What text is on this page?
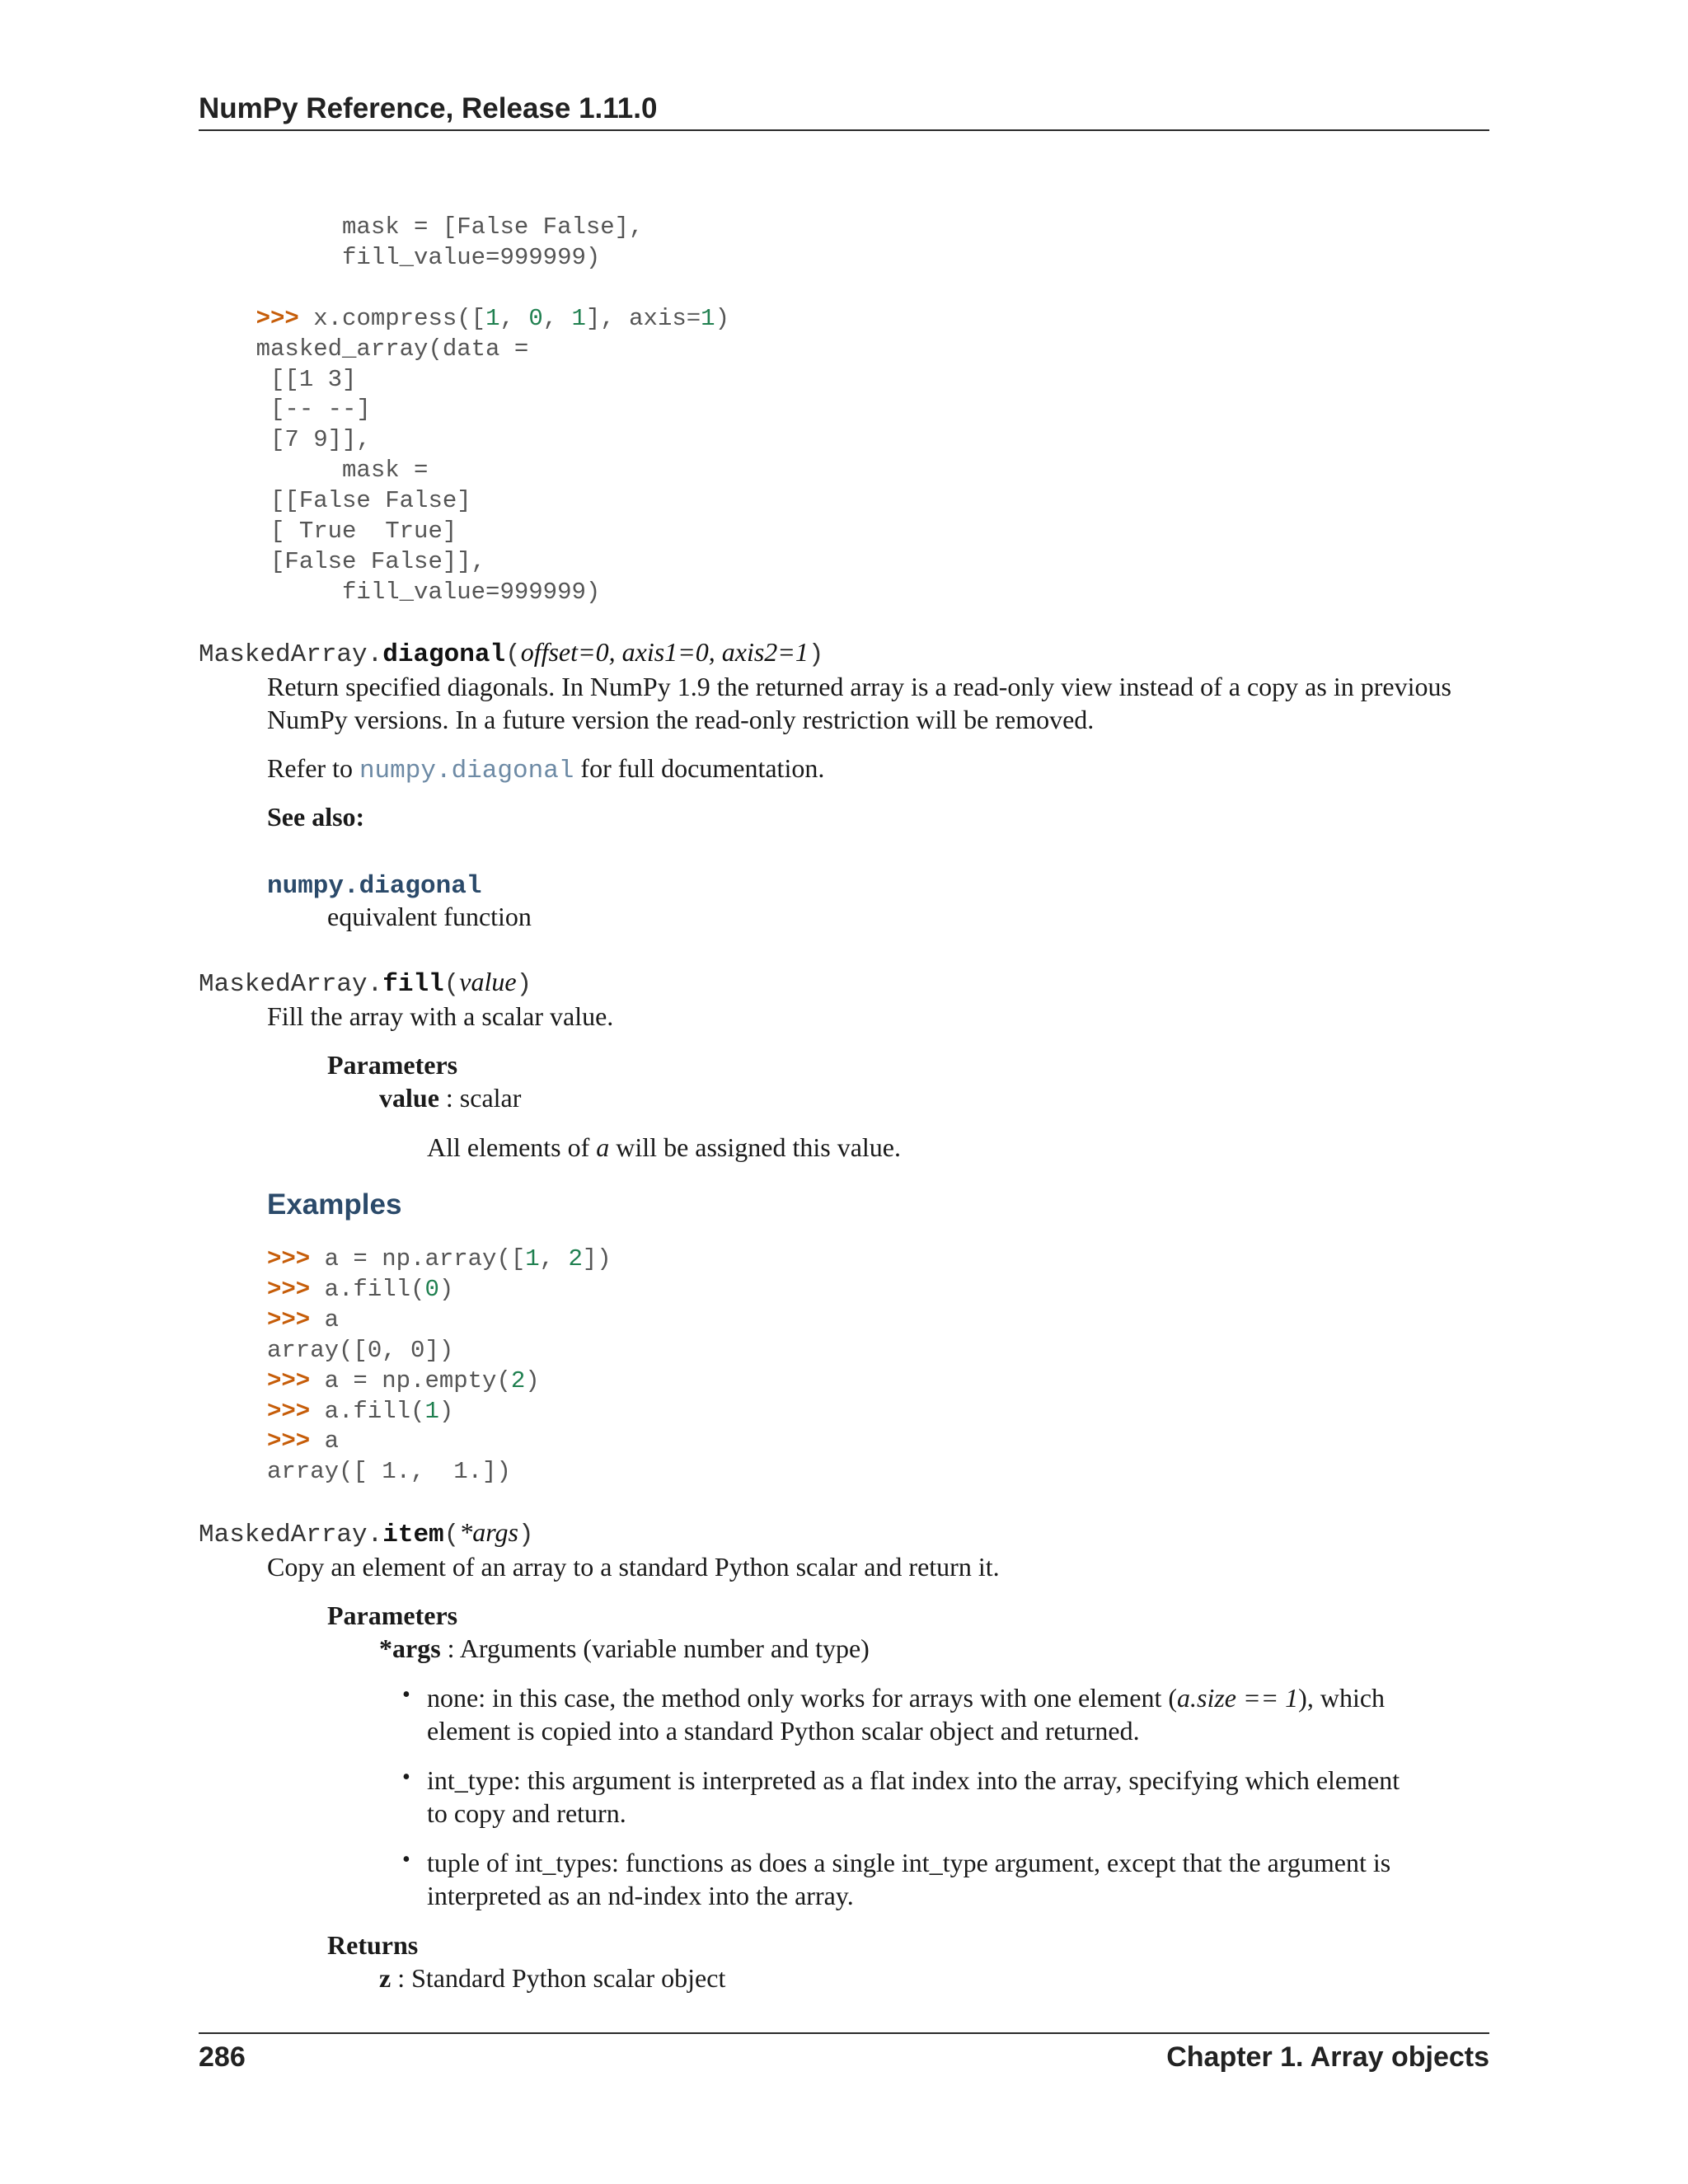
NumPy Reference, Release 1.11.0
mask = [False False],
fill_value=999999)

>>> x.compress([1, 0, 1], axis=1)
masked_array(data =
[[1 3]
[-- --]
[7 9]],
mask =
[[False False]
[ True  True]
[False False]],
fill_value=999999)
MaskedArray.diagonal(offset=0, axis1=0, axis2=1)
Return specified diagonals. In NumPy 1.9 the returned array is a read-only view instead of a copy as in previous
NumPy versions. In a future version the read-only restriction will be removed.
Refer to numpy.diagonal for full documentation.
See also:
numpy.diagonal
equivalent function
MaskedArray.fill(value)
Fill the array with a scalar value.
Parameters
value : scalar
All elements of a will be assigned this value.
Examples
>>> a = np.array([1, 2])
>>> a.fill(0)
>>> a
array([0, 0])
>>> a = np.empty(2)
>>> a.fill(1)
>>> a
array([ 1.,  1.])
MaskedArray.item(*args)
Copy an element of an array to a standard Python scalar and return it.
Parameters
*args : Arguments (variable number and type)
• none: in this case, the method only works for arrays with one element (a.size == 1), which
element is copied into a standard Python scalar object and returned.
• int_type: this argument is interpreted as a flat index into the array, specifying which element
to copy and return.
• tuple of int_types: functions as does a single int_type argument, except that the argument is
interpreted as an nd-index into the array.
Returns
z : Standard Python scalar object
286	Chapter 1. Array objects
